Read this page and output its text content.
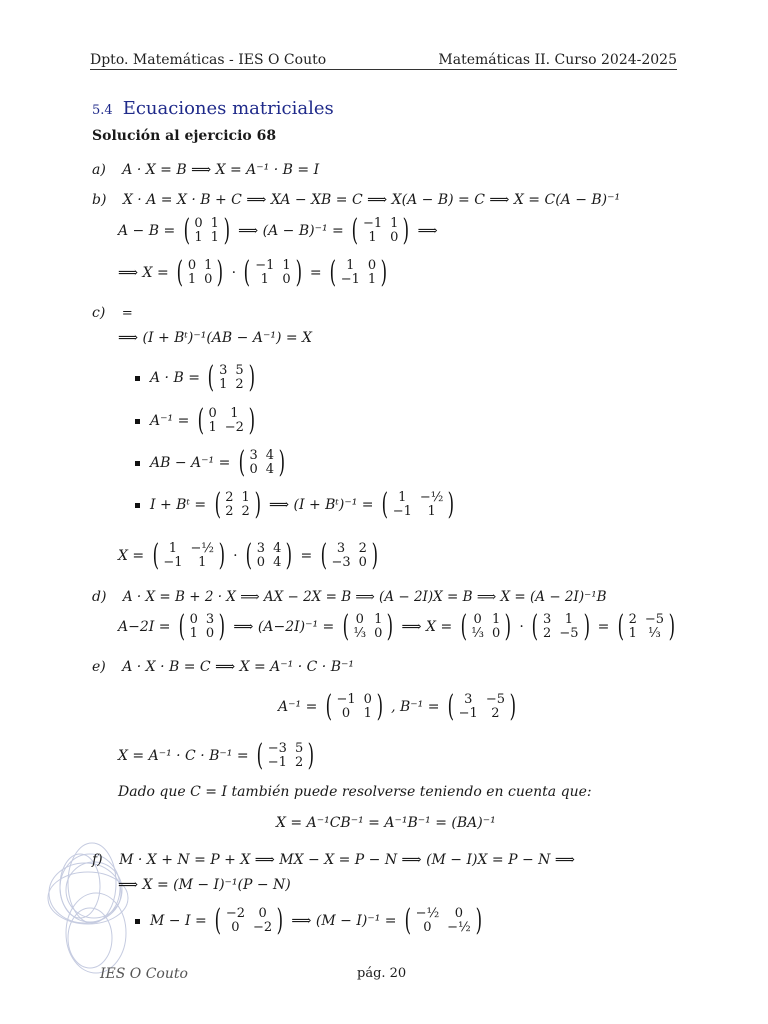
Dpto. Matemáticas - IES O Couto	Matemáticas II. Curso 2024-2025
5.4 Ecuaciones matriciales
Solución al ejercicio 68
a) A · X = B ⟹ X = A⁻¹ · B = I
b) X · A = X · B + C ⟹ XA − XB = C ⟹ X(A − B) = C ⟹ X = C(A − B)⁻¹
A − B = ( 0	1
1	1 ) ⟹ (A − B)⁻¹ = ( −1	1
1	0 ) ⟹
⟹ X = ( 0	1
1	0 ) · ( −1	1
1	0 ) = ( 1	0
−1	1 )
c) =
⟹ (I + Bᵗ)⁻¹(AB − A⁻¹) = X
A · B = ( 3	5
1	2 )
A⁻¹ = ( 0	1
1	−2 )
AB − A⁻¹ = ( 3	4
0	4 )
I + Bᵗ = ( 2	1
2	2 ) ⟹ (I + Bᵗ)⁻¹ = ( 1	−½
−1	1 )
X = ( 1	−½
−1	1 ) · ( 3	4
0	4 ) = ( 3	2
−3	0 )
d) A · X = B + 2 · X ⟹ AX − 2X = B ⟹ (A − 2I)X = B ⟹ X = (A − 2I)⁻¹B
A−2I = ( 0	3
1	0 ) ⟹ (A−2I)⁻¹ = ( 0	1
⅓	0 ) ⟹ X = ( 0	1
⅓	0 ) · ( 3	1
2	−5 ) = ( 2	−5
1	⅓ )
e) A · X · B = C ⟹ X = A⁻¹ · C · B⁻¹
A⁻¹ = ( −1	0
0	1 ) , B⁻¹ = ( 3	−5
−1	2 )
X = A⁻¹ · C · B⁻¹ = ( −3	5
−1	2 )
Dado que C = I también puede resolverse teniendo en cuenta que:
X = A⁻¹CB⁻¹ = A⁻¹B⁻¹ = (BA)⁻¹
f) M · X + N = P + X ⟹ MX − X = P − N ⟹ (M − I)X = P − N ⟹
⟹ X = (M − I)⁻¹(P − N)
M − I = ( −2	0
0	−2 ) ⟹ (M − I)⁻¹ = ( −½	0
0	−½ )
IES O Couto	pág. 20
